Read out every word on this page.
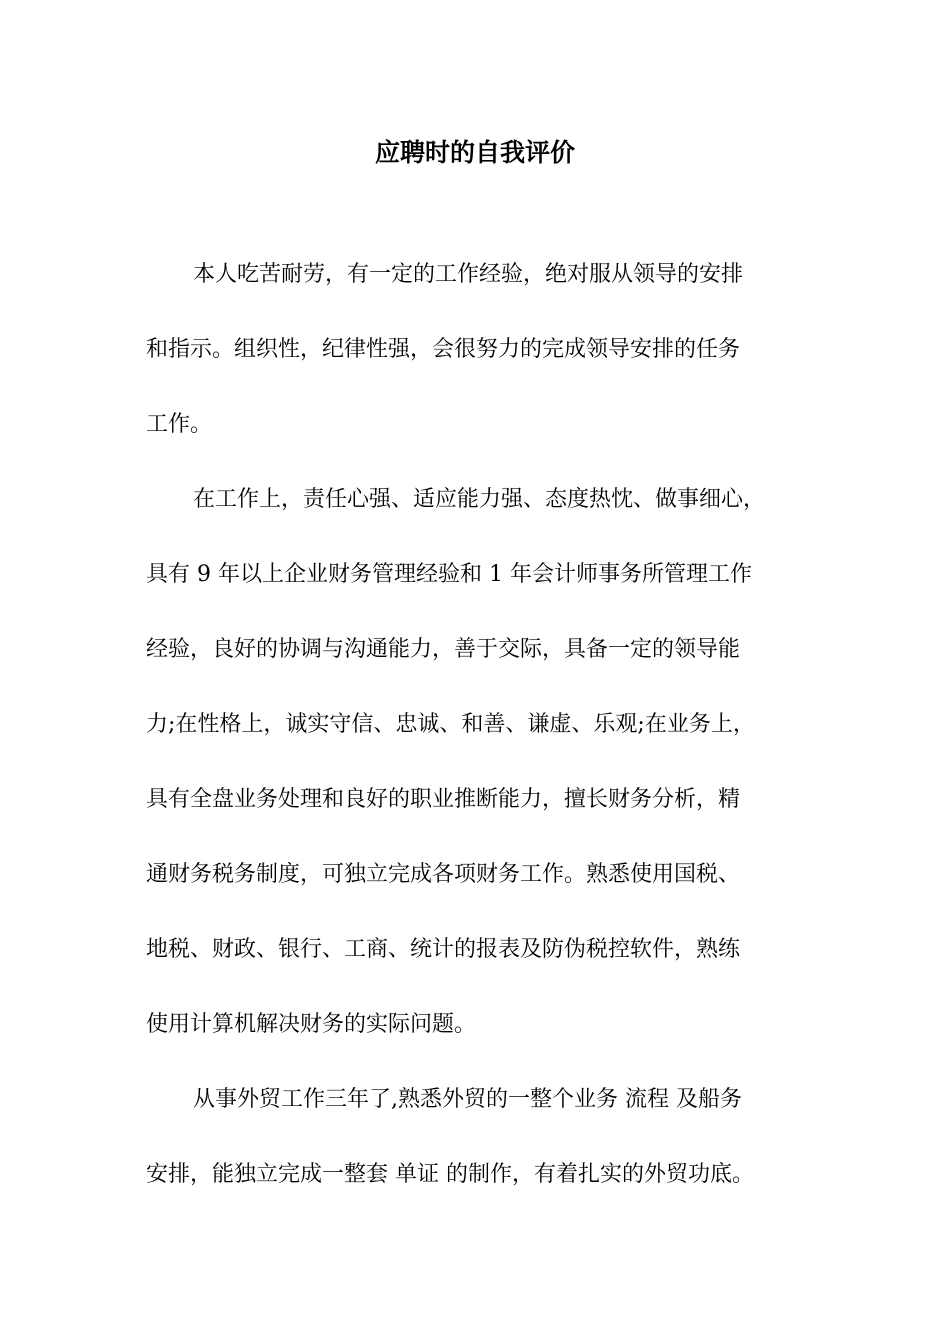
应聘时的自我评价

本人吃苦耐劳，有一定的工作经验，绝对服从领导的安排

和指示。组织性，纪律性强，会很努力的完成领导安排的任务

工作。

在工作上，责任心强、适应能力强、态度热忱、做事细心，

具有 9 年以上企业财务管理经验和 1 年会计师事务所管理工作

经验，良好的协调与沟通能力，善于交际，具备一定的领导能

力;在性格上，诚实守信、忠诚、和善、谦虚、乐观;在业务上，

具有全盘业务处理和良好的职业推断能力，擅长财务分析，精

通财务税务制度，可独立完成各项财务工作。熟悉使用国税、

地税、财政、银行、工商、统计的报表及防伪税控软件，熟练

使用计算机解决财务的实际问题。

从事外贸工作三年了,熟悉外贸的一整个业务 流程 及船务

安排，能独立完成一整套 单证 的制作，有着扎实的外贸功底。
